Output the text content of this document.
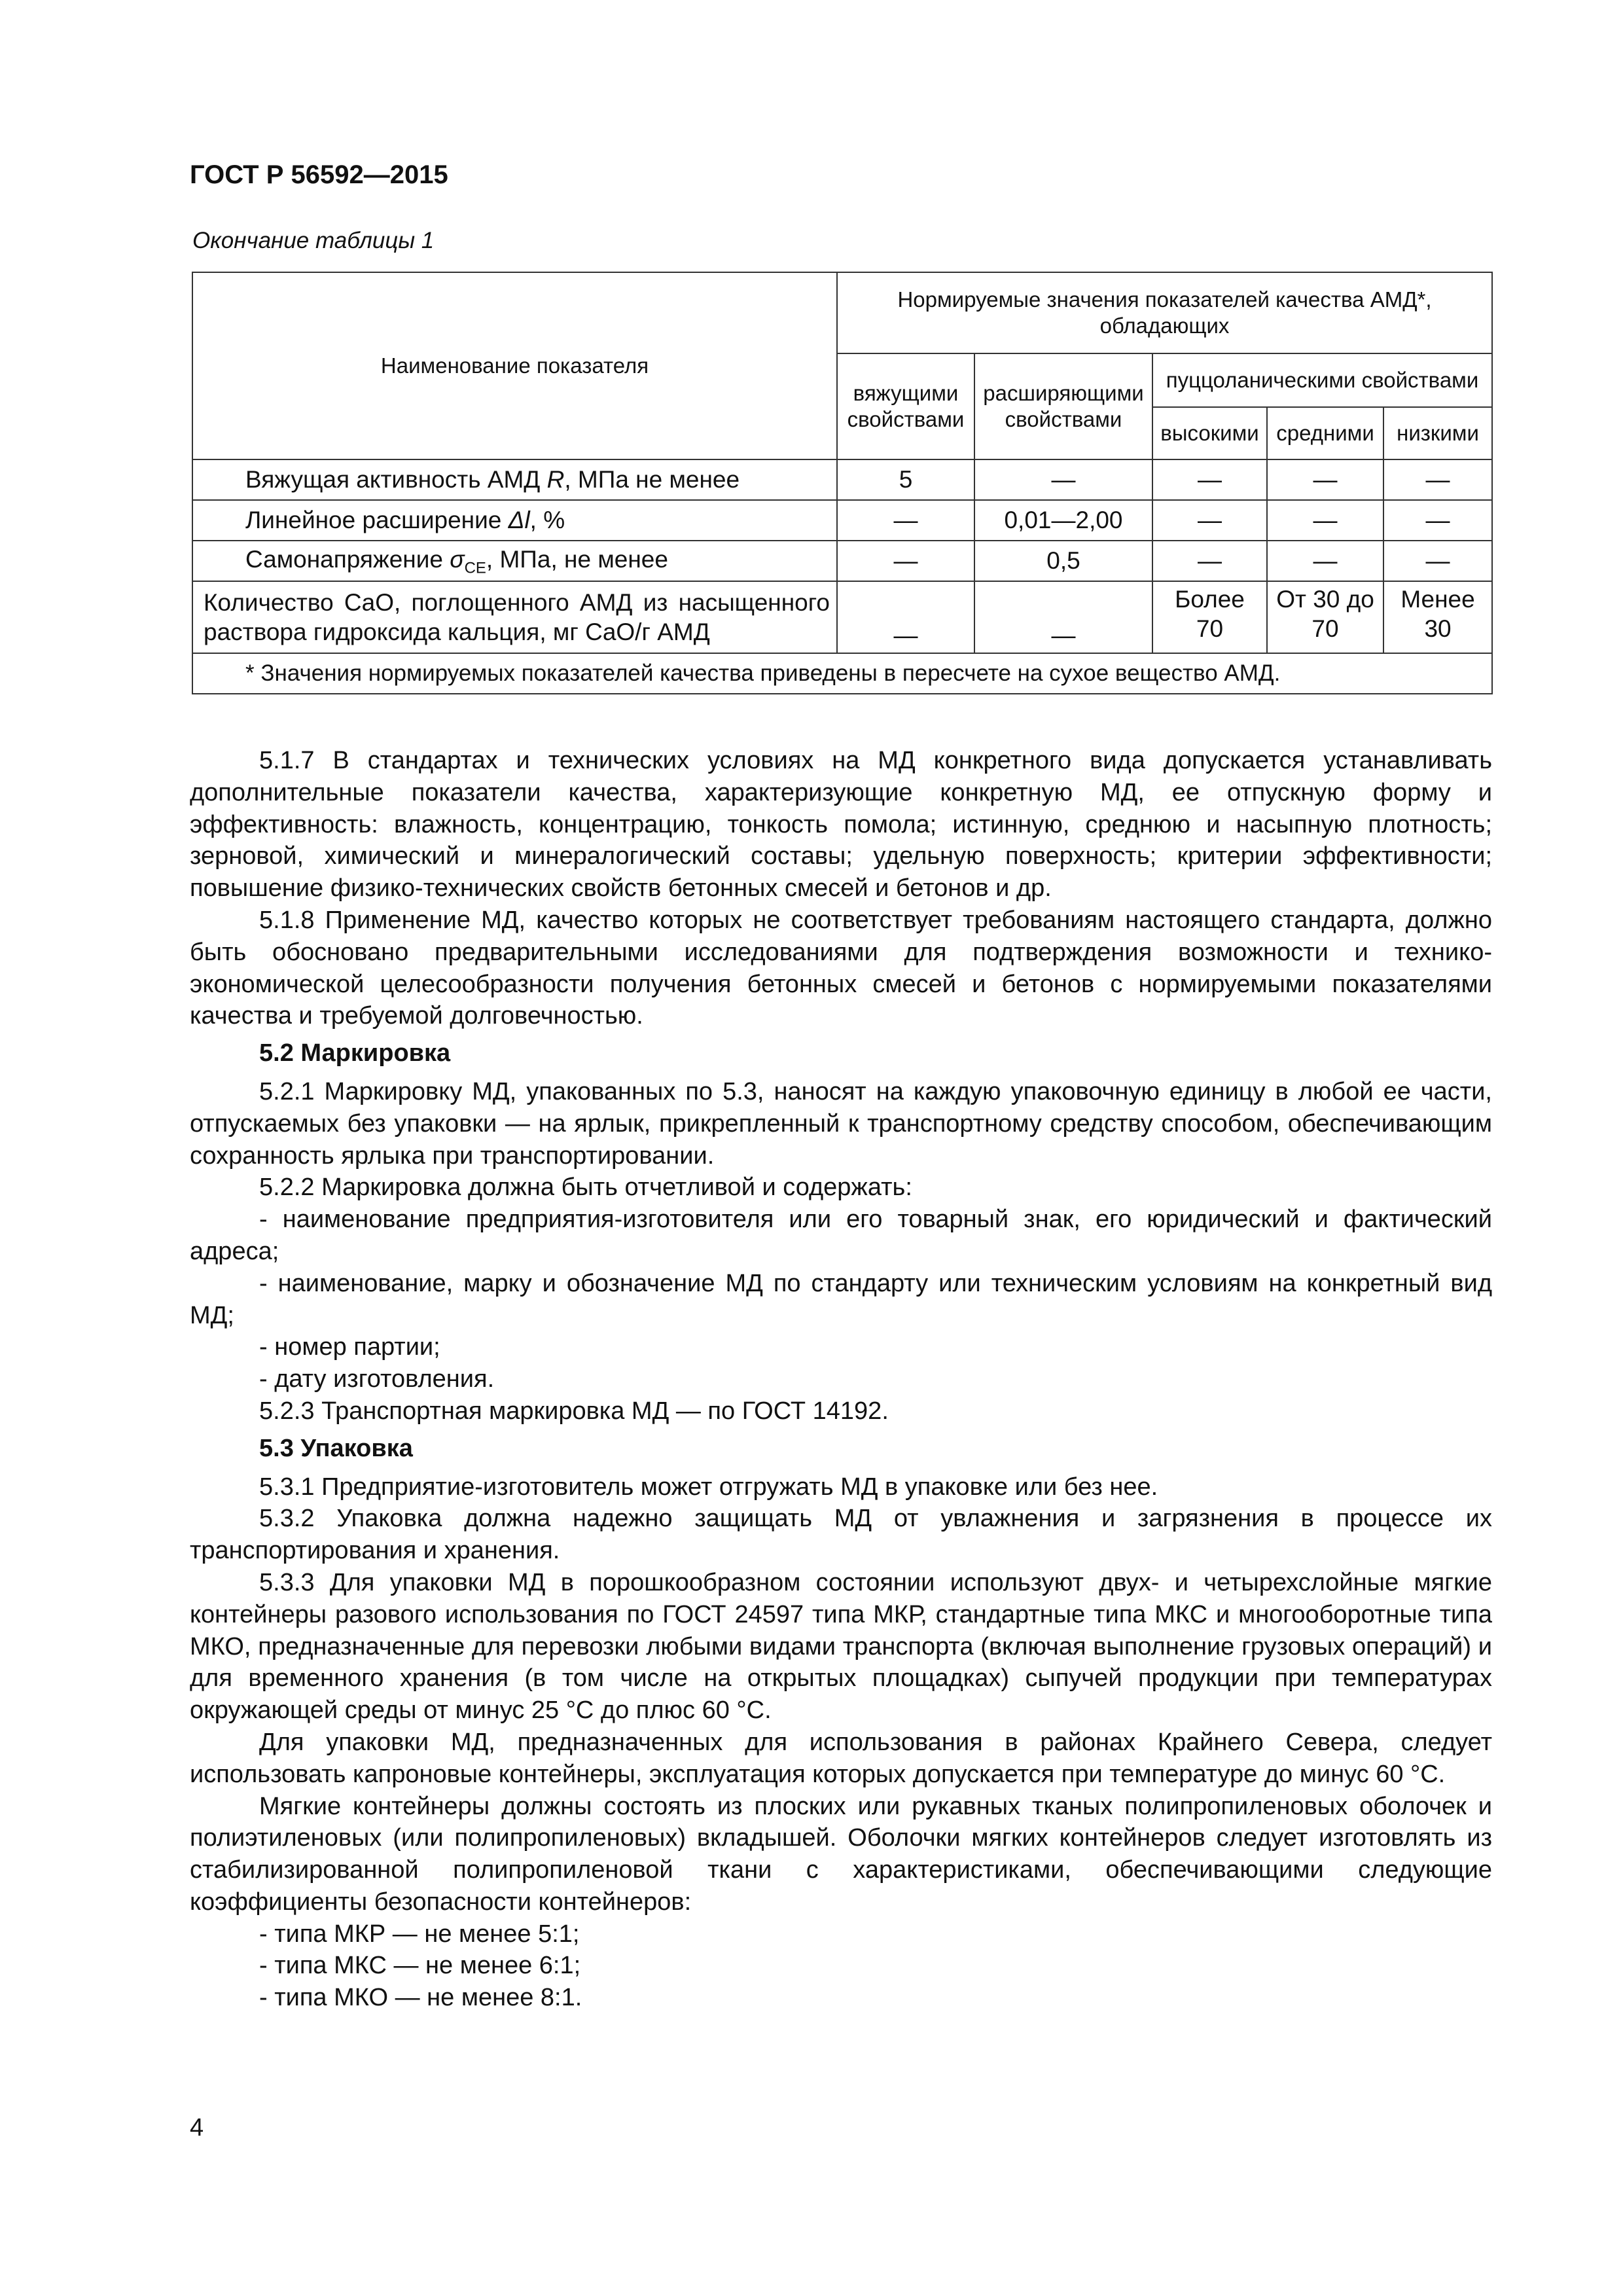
ГОСТ Р 56592—2015
Окончание таблицы 1
Наименование показателя	Нормируемые значения показателей качества АМД*, обладающих				
	вяжущими свойствами	расширяющими свойствами	пуццоланическими свойствами		
			высокими	средними	низкими
Вяжущая активность АМД R, МПа не менее	5	—	—	—	—
Линейное расширение Δl, %	—	0,01—2,00	—	—	—
Самонапряжение $\sigma_{CE}$, МПа, не менее	—	0,5	—	—	—
Количество CaO, поглощенного АМД из насыщенного раствора гидроксида кальция, мг CaO/г АМД	—	—	Более 70	От 30 до 70	Менее 30
* Значения нормируемых показателей качества приведены в пересчете на сухое вещество АМД.					

5.1.7 В стандартах и технических условиях на МД конкретного вида допускается устанавливать дополнительные показатели качества, характеризующие конкретную МД, ее отпускную форму и эффективность: влажность, концентрацию, тонкость помола; истинную, среднюю и насыпную плотность; зерновой, химический и минералогический составы; удельную поверхность; критерии эффективности; повышение физико-технических свойств бетонных смесей и бетонов и др.

5.1.8 Применение МД, качество которых не соответствует требованиям настоящего стандарта, должно быть обосновано предварительными исследованиями для подтверждения возможности и технико-экономической целесообразности получения бетонных смесей и бетонов с нормируемыми показателями качества и требуемой долговечностью.

5.2 Маркировка

5.2.1 Маркировку МД, упакованных по 5.3, наносят на каждую упаковочную единицу в любой ее части, отпускаемых без упаковки — на ярлык, прикрепленный к транспортному средству способом, обеспечивающим сохранность ярлыка при транспортировании.

5.2.2 Маркировка должна быть отчетливой и содержать:

- наименование предприятия-изготовителя или его товарный знак, его юридический и фактический адреса;

- наименование, марку и обозначение МД по стандарту или техническим условиям на конкретный вид МД;

- номер партии;

- дату изготовления.

5.2.3 Транспортная маркировка МД — по ГОСТ 14192.

5.3 Упаковка

5.3.1 Предприятие-изготовитель может отгружать МД в упаковке или без нее.

5.3.2 Упаковка должна надежно защищать МД от увлажнения и загрязнения в процессе их транспортирования и хранения.

5.3.3 Для упаковки МД в порошкообразном состоянии используют двух- и четырехслойные мягкие контейнеры разового использования по ГОСТ 24597 типа МКР, стандартные типа МКС и многооборотные типа МКО, предназначенные для перевозки любыми видами транспорта (включая выполнение грузовых операций) и для временного хранения (в том числе на открытых площадках) сыпучей продукции при температурах окружающей среды от минус 25 °С до плюс 60 °С.

Для упаковки МД, предназначенных для использования в районах Крайнего Севера, следует использовать капроновые контейнеры, эксплуатация которых допускается при температуре до минус 60 °С.

Мягкие контейнеры должны состоять из плоских или рукавных тканых полипропиленовых оболочек и полиэтиленовых (или полипропиленовых) вкладышей. Оболочки мягких контейнеров следует изготовлять из стабилизированной полипропиленовой ткани с характеристиками, обеспечивающими следующие коэффициенты безопасности контейнеров:

- типа МКР — не менее 5:1;

- типа МКС — не менее 6:1;

- типа МКО — не менее 8:1.

4
